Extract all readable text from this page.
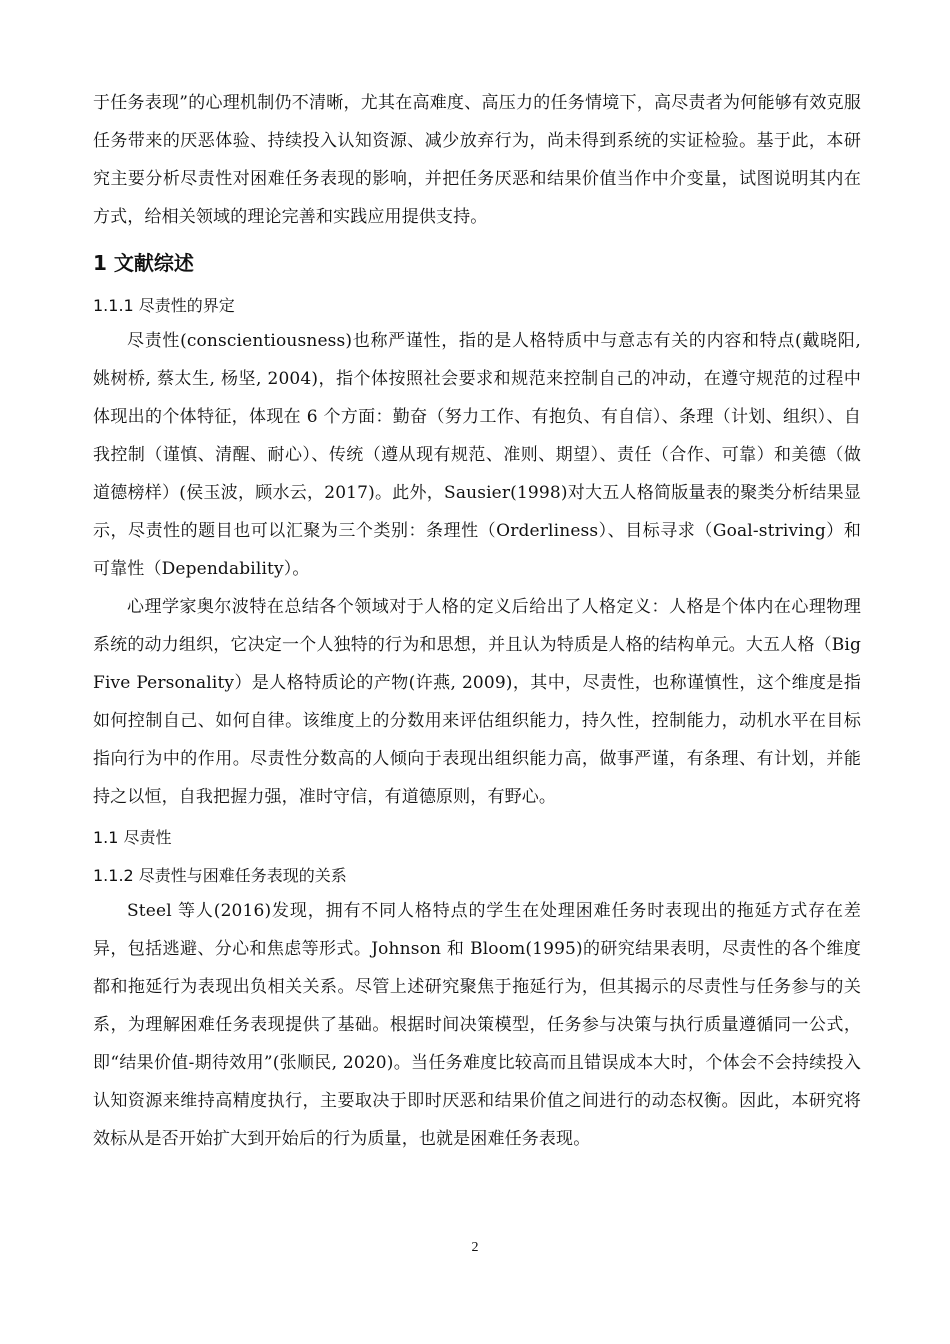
于任务表现”的心理机制仍不清晰，尤其在高难度、高压力的任务情境下，高尽责者为何能够有效克服任务带来的厌恶体验、持续投入认知资源、减少放弃行为，尚未得到系统的实证检验。基于此，本研究主要分析尽责性对困难任务表现的影响，并把任务厌恶和结果价值当作中介变量，试图说明其内在方式，给相关领域的理论完善和实践应用提供支持。

1 文献综述
1.1.1 尽责性的界定

尽责性(conscientiousness)也称严谨性，指的是人格特质中与意志有关的内容和特点(戴晓阳, 姚树桥, 蔡太生, 杨坚, 2004)，指个体按照社会要求和规范来控制自己的冲动，在遵守规范的过程中体现出的个体特征，体现在 6 个方面：勤奋（努力工作、有抱负、有自信）、条理（计划、组织）、自我控制（谨慎、清醒、耐心）、传统（遵从现有规范、准则、期望）、责任（合作、可靠）和美德（做道德榜样）(侯玉波，顾水云，2017)。此外，Sausier(1998)对大五人格简版量表的聚类分析结果显示，尽责性的题目也可以汇聚为三个类别：条理性（Orderliness）、目标寻求（Goal-striving）和可靠性（Dependability）。

心理学家奥尔波特在总结各个领域对于人格的定义后给出了人格定义：人格是个体内在心理物理系统的动力组织，它决定一个人独特的行为和思想，并且认为特质是人格的结构单元。大五人格（Big Five Personality）是人格特质论的产物(许燕, 2009)，其中，尽责性，也称谨慎性，这个维度是指如何控制自己、如何自律。该维度上的分数用来评估组织能力，持久性，控制能力，动机水平在目标指向行为中的作用。尽责性分数高的人倾向于表现出组织能力高，做事严谨，有条理、有计划，并能持之以恒，自我把握力强，准时守信，有道德原则，有野心。

1.1 尽责性
1.1.2 尽责性与困难任务表现的关系

Steel 等人(2016)发现，拥有不同人格特点的学生在处理困难任务时表现出的拖延方式存在差异，包括逃避、分心和焦虑等形式。Johnson 和 Bloom(1995)的研究结果表明，尽责性的各个维度都和拖延行为表现出负相关关系。尽管上述研究聚焦于拖延行为，但其揭示的尽责性与任务参与的关系，为理解困难任务表现提供了基础。根据时间决策模型，任务参与决策与执行质量遵循同一公式，即“结果价值-期待效用”(张顺民, 2020)。当任务难度比较高而且错误成本大时，个体会不会持续投入认知资源来维持高精度执行，主要取决于即时厌恶和结果价值之间进行的动态权衡。因此，本研究将效标从是否开始扩大到开始后的行为质量，也就是困难任务表现。

2
